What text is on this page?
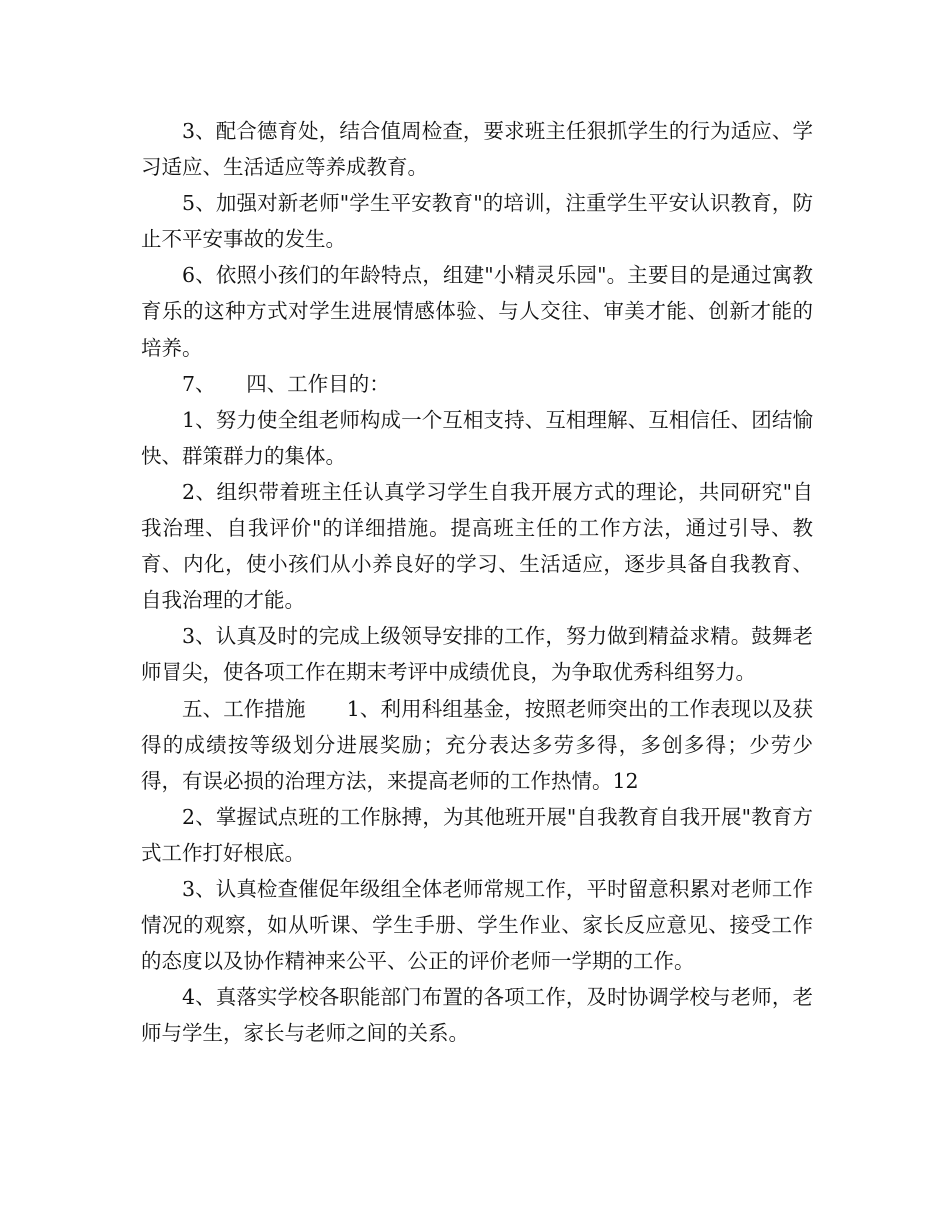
3、配合德育处，结合值周检查，要求班主任狠抓学生的行为适应、学习适应、生活适应等养成教育。

5、加强对新老师"学生平安教育"的培训，注重学生平安认识教育，防止不平安事故的发生。

6、依照小孩们的年龄特点，组建"小精灵乐园"。主要目的是通过寓教育乐的这种方式对学生进展情感体验、与人交往、审美才能、创新才能的培养。

7、　　四、工作目的：

1、努力使全组老师构成一个互相支持、互相理解、互相信任、团结愉快、群策群力的集体。

2、组织带着班主任认真学习学生自我开展方式的理论，共同研究"自我治理、自我评价"的详细措施。提高班主任的工作方法，通过引导、教育、内化，使小孩们从小养良好的学习、生活适应，逐步具备自我教育、自我治理的才能。

3、认真及时的完成上级领导安排的工作，努力做到精益求精。鼓舞老师冒尖，使各项工作在期末考评中成绩优良，为争取优秀科组努力。

五、工作措施　　1、利用科组基金，按照老师突出的工作表现以及获得的成绩按等级划分进展奖励；充分表达多劳多得，多创多得；少劳少得，有误必损的治理方法，来提高老师的工作热情。12

2、掌握试点班的工作脉搏，为其他班开展"自我教育自我开展"教育方式工作打好根底。

3、认真检查催促年级组全体老师常规工作，平时留意积累对老师工作情况的观察，如从听课、学生手册、学生作业、家长反应意见、接受工作的态度以及协作精神来公平、公正的评价老师一学期的工作。

4、真落实学校各职能部门布置的各项工作，及时协调学校与老师，老师与学生，家长与老师之间的关系。
